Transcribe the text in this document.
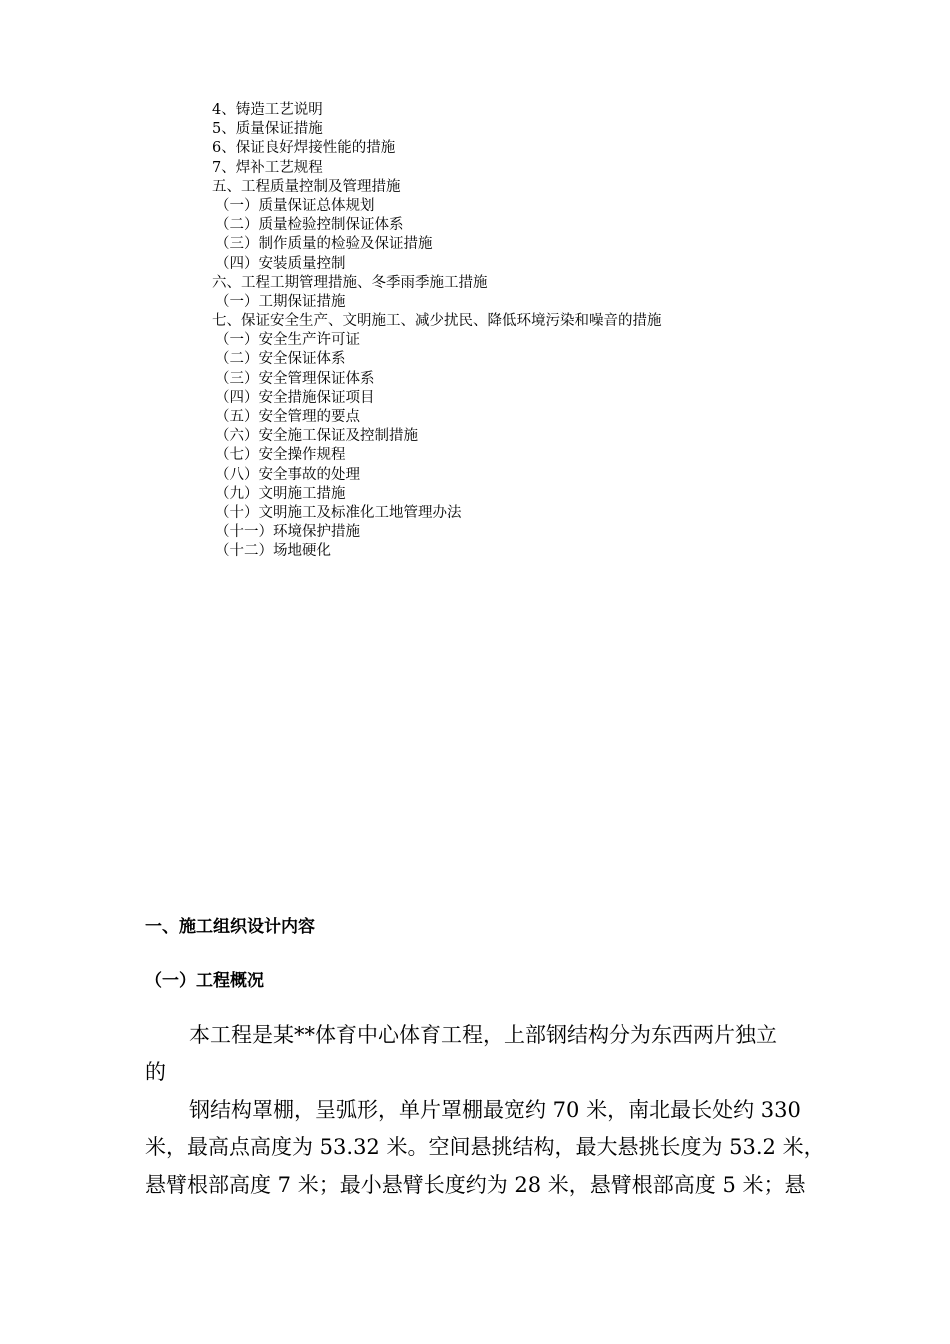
4、铸造工艺说明
5、质量保证措施
6、保证良好焊接性能的措施
7、焊补工艺规程
五、工程质量控制及管理措施
（一）质量保证总体规划
（二）质量检验控制保证体系
（三）制作质量的检验及保证措施
（四）安装质量控制
六、工程工期管理措施、冬季雨季施工措施
（一）工期保证措施
七、保证安全生产、文明施工、减少扰民、降低环境污染和噪音的措施
（一）安全生产许可证
（二）安全保证体系
（三）安全管理保证体系
（四）安全措施保证项目
（五）安全管理的要点
（六）安全施工保证及控制措施
（七）安全操作规程
（八）安全事故的处理
（九）文明施工措施
（十）文明施工及标准化工地管理办法
（十一）环境保护措施
（十二）场地硬化
一、施工组织设计内容
（一）工程概况
本工程是某**体育中心体育工程，上部钢结构分为东西两片独立
的
钢结构罩棚，呈弧形，单片罩棚最宽约 70 米，南北最长处约 330
米，最高点高度为 53.32 米。空间悬挑结构，最大悬挑长度为 53.2 米，
悬臂根部高度 7 米；最小悬臂长度约为 28 米，悬臂根部高度 5 米；悬
